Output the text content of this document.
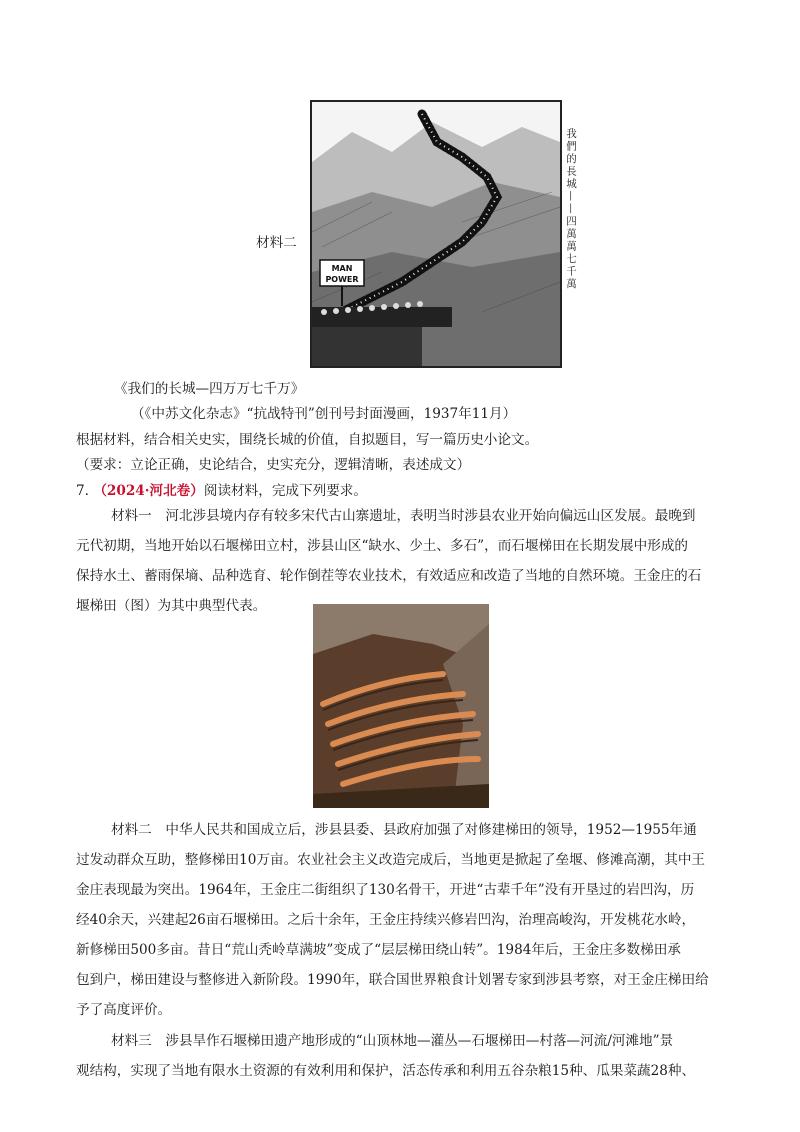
材料二
MAN
POWER	我們的長城——四萬萬七千萬
《我们的长城—四万万七千万》
（《中苏文化杂志》“抗战特刊”创刊号封面漫画，1937年11月）
根据材料，结合相关史实，围绕长城的价值，自拟题目，写一篇历史小论文。
（要求：立论正确，史论结合，史实充分，逻辑清晰，表述成文）
7. （2024·河北卷）阅读材料，完成下列要求。
材料一　河北涉县境内存有较多宋代古山寨遗址，表明当时涉县农业开始向偏远山区发展。最晚到
元代初期，当地开始以石堰梯田立村，涉县山区“缺水、少土、多石”，而石堰梯田在长期发展中形成的
保持水土、蓄雨保墒、品种选育、轮作倒茬等农业技术，有效适应和改造了当地的自然环境。王金庄的石
堰梯田（图）为其中典型代表。
材料二　中华人民共和国成立后，涉县县委、县政府加强了对修建梯田的领导，1952—1955年通
过发动群众互助，整修梯田10万亩。农业社会主义改造完成后，当地更是掀起了垒堰、修滩高潮，其中王
金庄表现最为突出。1964年，王金庄二街组织了130名骨干，开进“古辈千年”没有开垦过的岩凹沟，历
经40余天，兴建起26亩石堰梯田。之后十余年，王金庄持续兴修岩凹沟，治理高峻沟，开发桃花水岭，
新修梯田500多亩。昔日“荒山秃岭草满坡”变成了“层层梯田绕山转”。1984年后，王金庄多数梯田承
包到户，梯田建设与整修进入新阶段。1990年，联合国世界粮食计划署专家到涉县考察，对王金庄梯田给
予了高度评价。
材料三　涉县旱作石堰梯田遗产地形成的“山顶林地—灌丛—石堰梯田—村落—河流/河滩地”景
观结构，实现了当地有限水土资源的有效利用和保护，活态传承和利用五谷杂粮15种、瓜果菜蔬28种、
